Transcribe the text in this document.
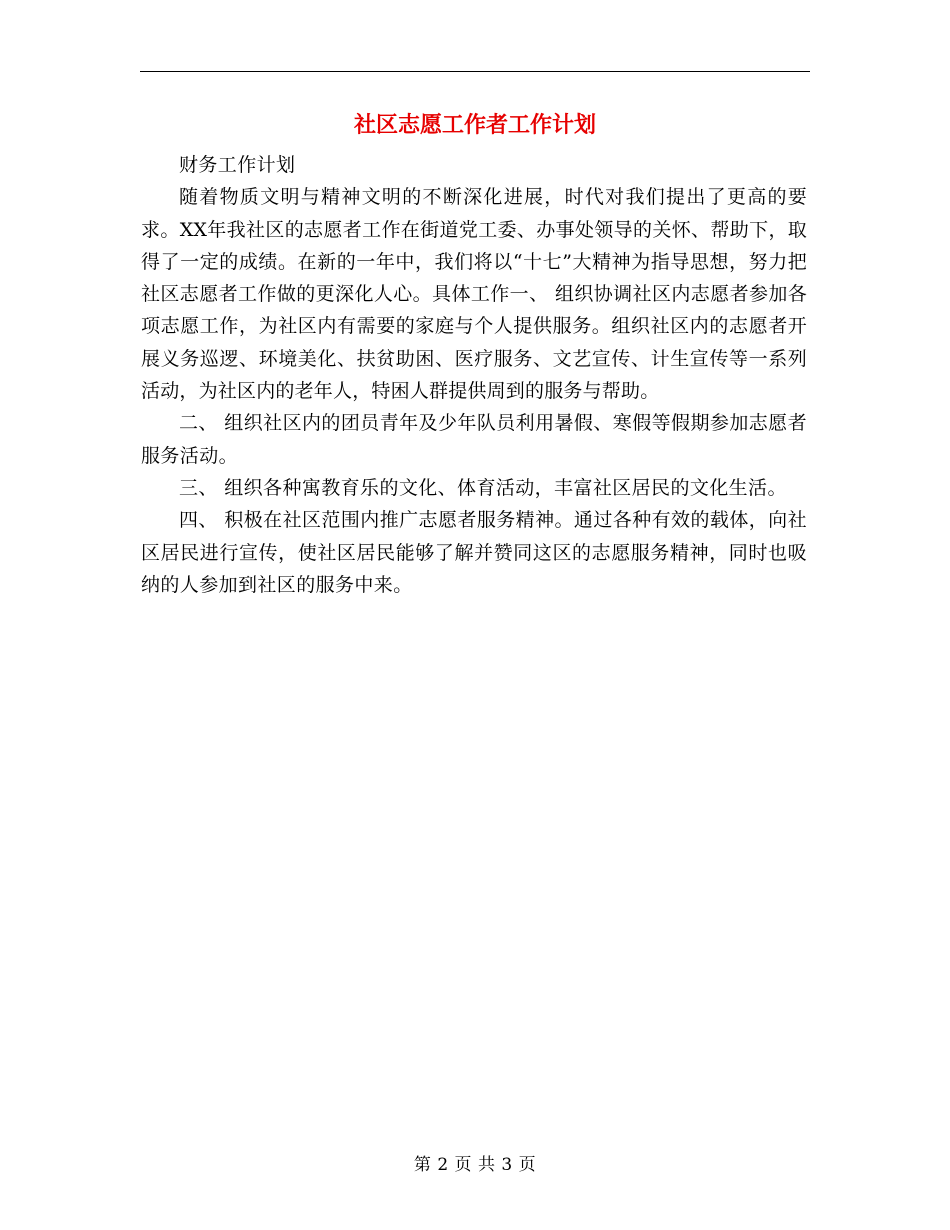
社区志愿工作者工作计划

财务工作计划

随着物质文明与精神文明的不断深化进展，时代对我们提出了更高的要求。XX年我社区的志愿者工作在街道党工委、办事处领导的关怀、帮助下，取得了一定的成绩。在新的一年中，我们将以“十七”大精神为指导思想，努力把社区志愿者工作做的更深化人心。具体工作一、 组织协调社区内志愿者参加各项志愿工作，为社区内有需要的家庭与个人提供服务。组织社区内的志愿者开展义务巡逻、环境美化、扶贫助困、医疗服务、文艺宣传、计生宣传等一系列活动，为社区内的老年人，特困人群提供周到的服务与帮助。

二、 组织社区内的团员青年及少年队员利用暑假、寒假等假期参加志愿者服务活动。

三、 组织各种寓教育乐的文化、体育活动，丰富社区居民的文化生活。

四、 积极在社区范围内推广志愿者服务精神。通过各种有效的载体，向社区居民进行宣传，使社区居民能够了解并赞同这区的志愿服务精神，同时也吸纳的人参加到社区的服务中来。

第 2 页 共 3 页
